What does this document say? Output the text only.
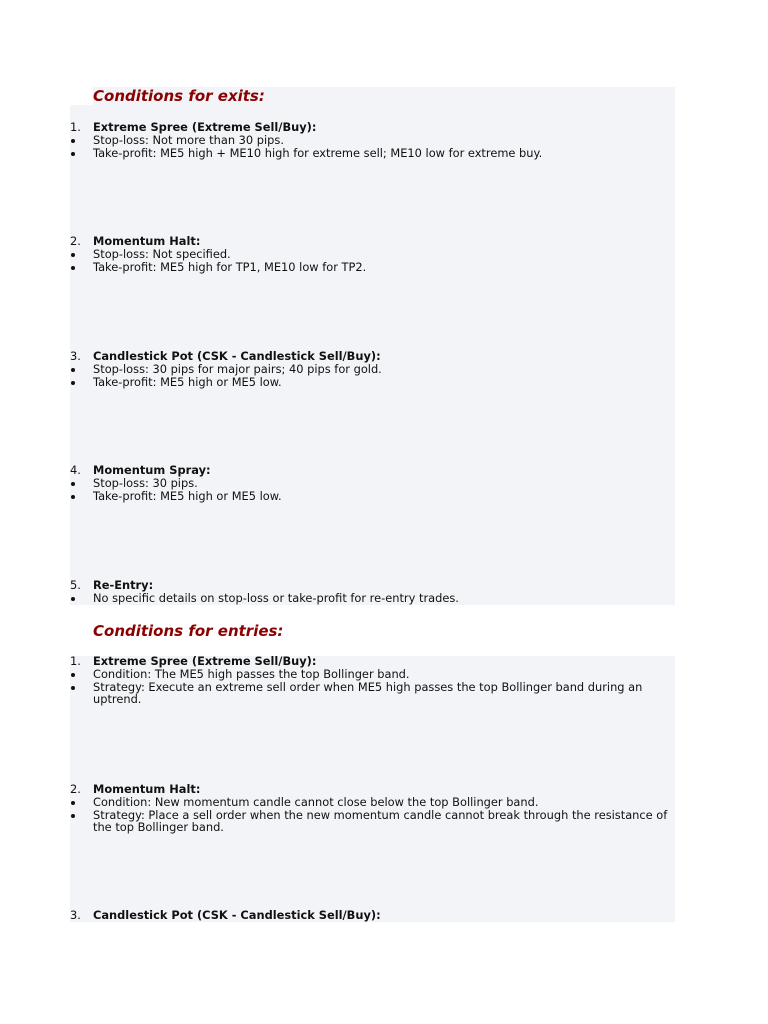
Conditions for exits:
1. Extreme Spree (Extreme Sell/Buy):
Stop-loss: Not more than 30 pips.
Take-profit: ME5 high + ME10 high for extreme sell; ME10 low for extreme buy.
2. Momentum Halt:
Stop-loss: Not specified.
Take-profit: ME5 high for TP1, ME10 low for TP2.
3. Candlestick Pot (CSK - Candlestick Sell/Buy):
Stop-loss: 30 pips for major pairs; 40 pips for gold.
Take-profit: ME5 high or ME5 low.
4. Momentum Spray:
Stop-loss: 30 pips.
Take-profit: ME5 high or ME5 low.
5. Re-Entry:
No specific details on stop-loss or take-profit for re-entry trades.
Conditions for entries:
1. Extreme Spree (Extreme Sell/Buy):
Condition: The ME5 high passes the top Bollinger band.
Strategy: Execute an extreme sell order when ME5 high passes the top Bollinger band during an uptrend.
2. Momentum Halt:
Condition: New momentum candle cannot close below the top Bollinger band.
Strategy: Place a sell order when the new momentum candle cannot break through the resistance of the top Bollinger band.
3. Candlestick Pot (CSK - Candlestick Sell/Buy):
